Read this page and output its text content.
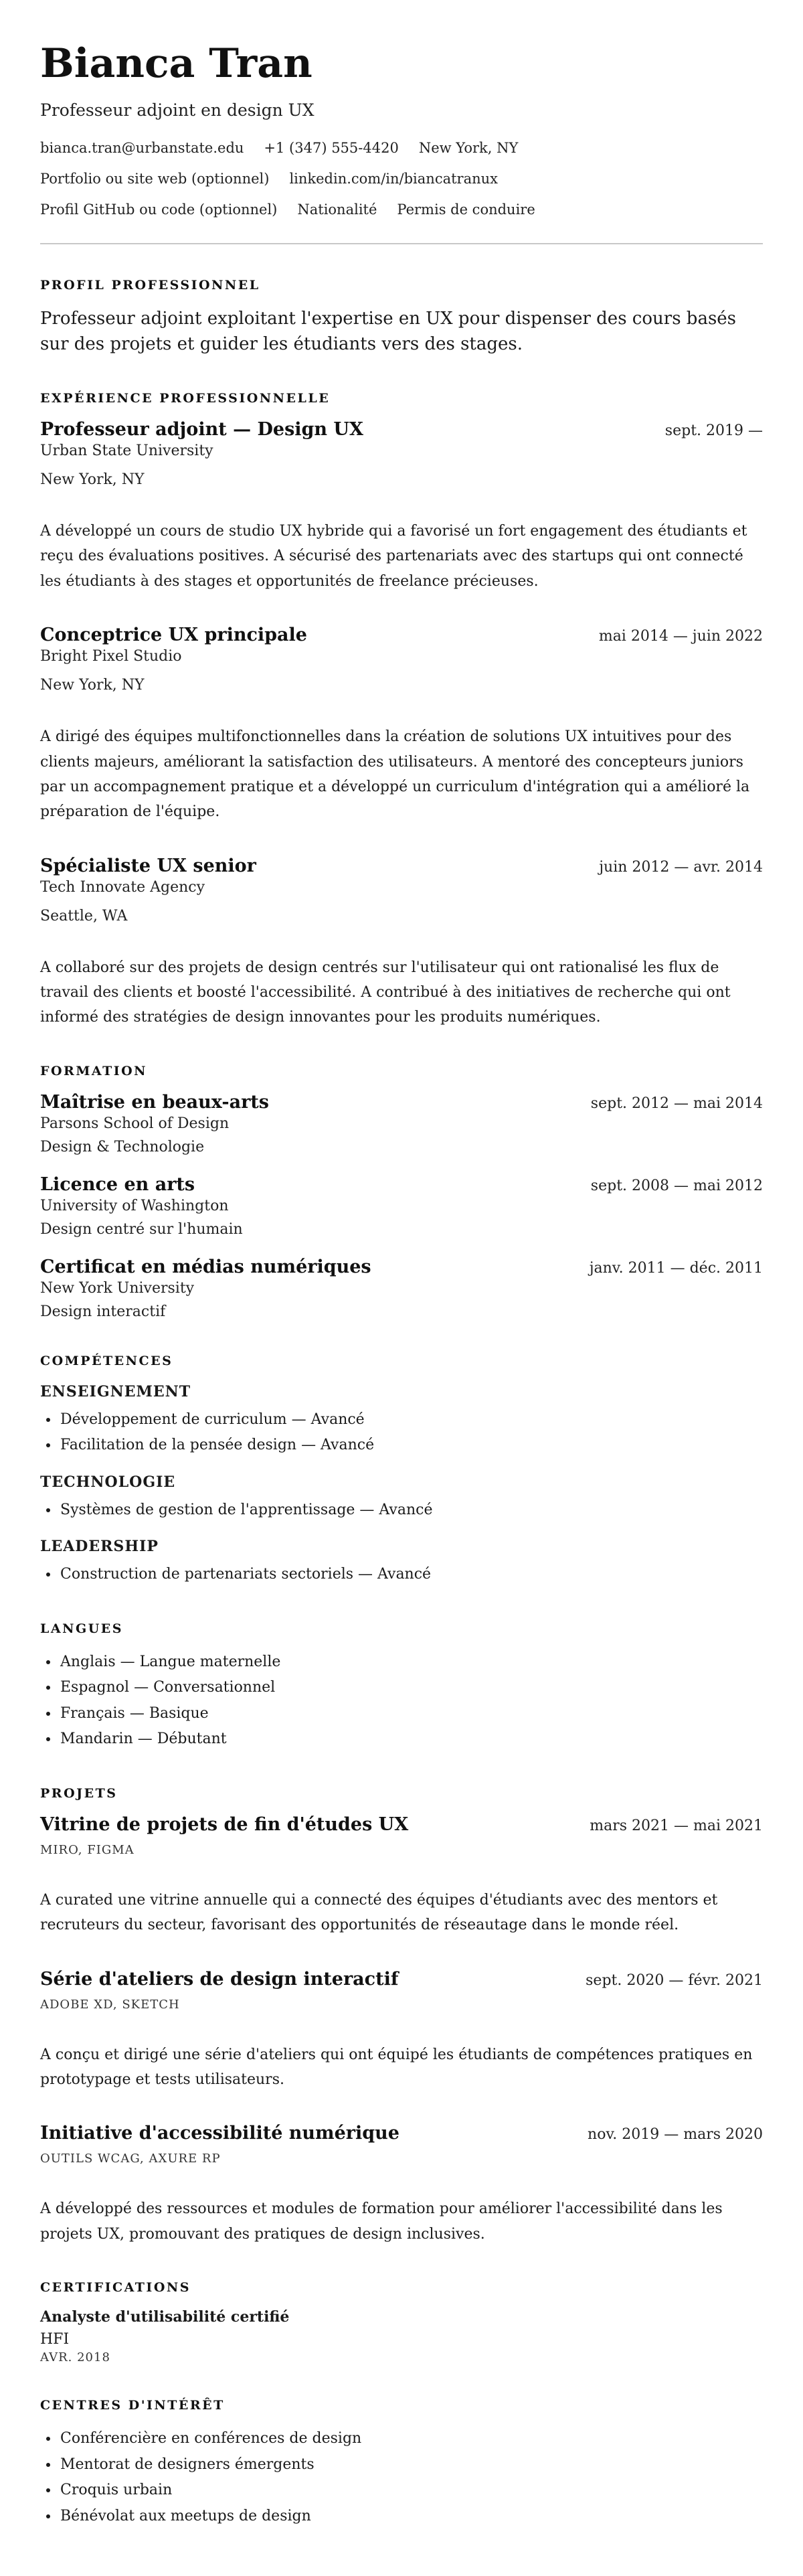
Bianca Tran
Professeur adjoint en design UX
bianca.tran@urbanstate.edu +1 (347) 555-4420 New York, NY
Portfolio ou site web (optionnel) linkedin.com/in/biancatranux
Profil GitHub ou code (optionnel) Nationalité Permis de conduire
PROFIL PROFESSIONNEL

Professeur adjoint exploitant l'expertise en UX pour dispenser des cours basés sur des projets et guider les étudiants vers des stages.

EXPÉRIENCE PROFESSIONNELLE
Professeur adjoint — Design UX	sept. 2019 —
Urban State University
New York, NY
A développé un cours de studio UX hybride qui a favorisé un fort engagement des étudiants et reçu des évaluations positives. A sécurisé des partenariats avec des startups qui ont connecté les étudiants à des stages et opportunités de freelance précieuses.
Conceptrice UX principale	mai 2014 — juin 2022
Bright Pixel Studio
New York, NY
A dirigé des équipes multifonctionnelles dans la création de solutions UX intuitives pour des clients majeurs, améliorant la satisfaction des utilisateurs. A mentoré des concepteurs juniors par un accompagnement pratique et a développé un curriculum d'intégration qui a amélioré la préparation de l'équipe.
Spécialiste UX senior	juin 2012 — avr. 2014
Tech Innovate Agency
Seattle, WA
A collaboré sur des projets de design centrés sur l'utilisateur qui ont rationalisé les flux de travail des clients et boosté l'accessibilité. A contribué à des initiatives de recherche qui ont informé des stratégies de design innovantes pour les produits numériques.
FORMATION
Maîtrise en beaux-arts	sept. 2012 — mai 2014
Parsons School of Design
Design & Technologie
Licence en arts	sept. 2008 — mai 2012
University of Washington
Design centré sur l'humain
Certificat en médias numériques	janv. 2011 — déc. 2011
New York University
Design interactif
COMPÉTENCES
ENSEIGNEMENT
• Développement de curriculum — Avancé
• Facilitation de la pensée design — Avancé
TECHNOLOGIE
• Systèmes de gestion de l'apprentissage — Avancé
LEADERSHIP
• Construction de partenariats sectoriels — Avancé
LANGUES
• Anglais — Langue maternelle
• Espagnol — Conversationnel
• Français — Basique
• Mandarin — Débutant
PROJETS
Vitrine de projets de fin d'études UX	mars 2021 — mai 2021
MIRO, FIGMA
A curated une vitrine annuelle qui a connecté des équipes d'étudiants avec des mentors et recruteurs du secteur, favorisant des opportunités de réseautage dans le monde réel.
Série d'ateliers de design interactif	sept. 2020 — févr. 2021
ADOBE XD, SKETCH
A conçu et dirigé une série d'ateliers qui ont équipé les étudiants de compétences pratiques en prototypage et tests utilisateurs.
Initiative d'accessibilité numérique	nov. 2019 — mars 2020
OUTILS WCAG, AXURE RP
A développé des ressources et modules de formation pour améliorer l'accessibilité dans les projets UX, promouvant des pratiques de design inclusives.
CERTIFICATIONS
Analyste d'utilisabilité certifié
HFI
AVR. 2018
CENTRES D'INTÉRÊT
• Conférencière en conférences de design
• Mentorat de designers émergents
• Croquis urbain
• Bénévolat aux meetups de design
